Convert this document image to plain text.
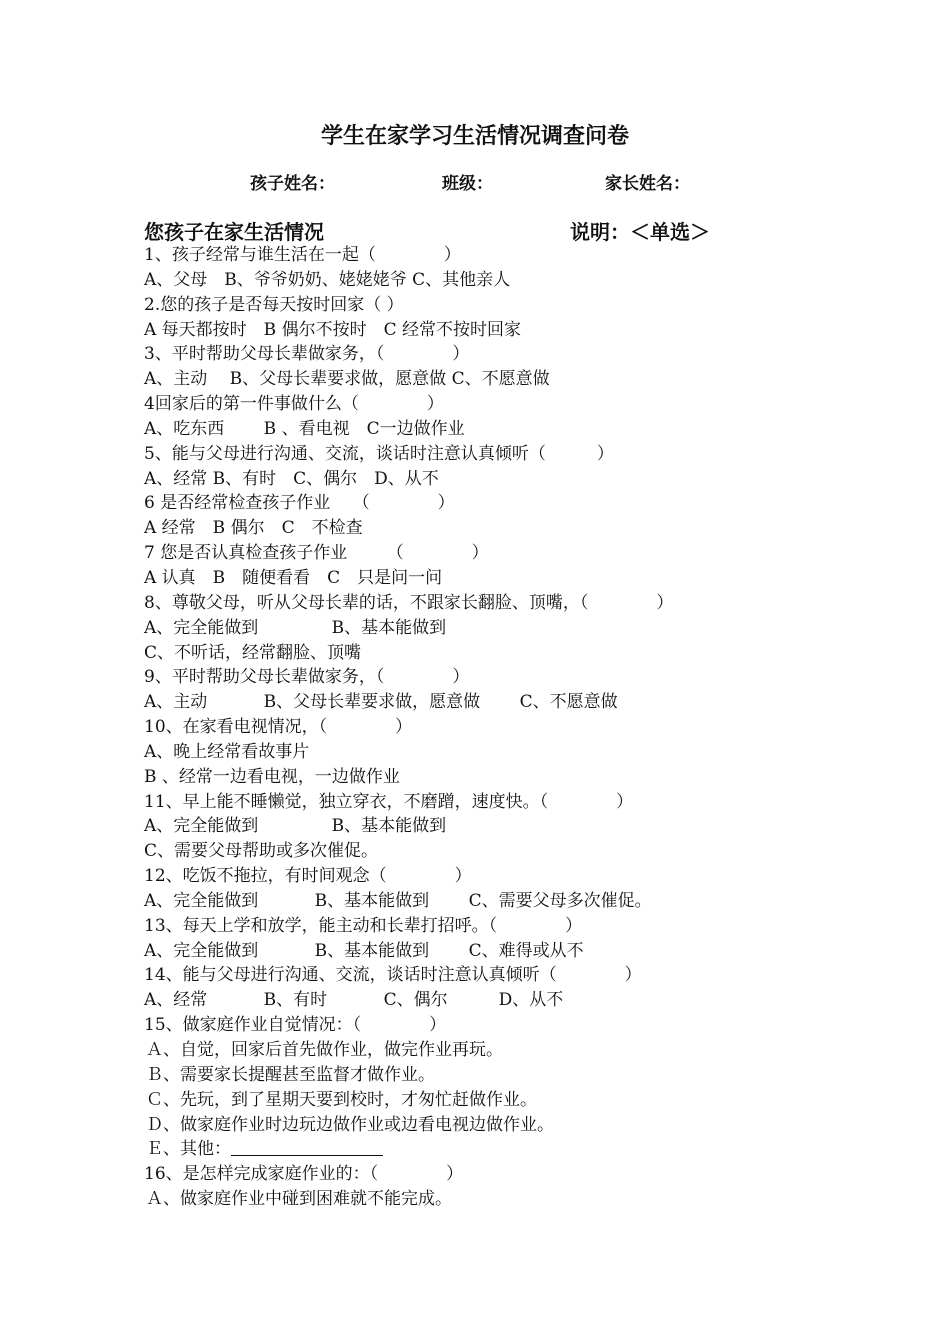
学生在家学习生活情况调查问卷
孩子姓名：	班级：	家长姓名：
您孩子在家生活情况	说明：＜单选＞
1、孩子经常与谁生活在一起（　　　　）
A、父母　B、爷爷奶奶、姥姥姥爷 C、其他亲人
2.您的孩子是否每天按时回家（ ）
A 每天都按时　B 偶尔不按时　C 经常不按时回家
3、平时帮助父母长辈做家务，（　　　　）
A、主动　 B、父母长辈要求做，愿意做 C、不愿意做
4回家后的第一件事做什么（　　　　）
A、吃东西　　 B 、看电视　C一边做作业
5、能与父母进行沟通、交流，谈话时注意认真倾听（　　　）
A、经常 B、有时　C、偶尔　D、从不
6 是否经常检查孩子作业　 （　　　　）
A 经常　B 偶尔　C　不检查
7 您是否认真检查孩子作业　　 （　　　　）
A 认真　B　随便看看　C　只是问一问
8、尊敬父母，听从父母长辈的话，不跟家长翻脸、顶嘴，（　　　　）
A、完全能做到　　　　 B、基本能做到
C、不听话，经常翻脸、顶嘴
9、平时帮助父母长辈做家务，（　　　　）
A、主动　　　 B、父母长辈要求做，愿意做　　 C、不愿意做
10、在家看电视情况，（　　　　）
A、晚上经常看故事片
B 、经常一边看电视，一边做作业
11、早上能不睡懒觉，独立穿衣，不磨蹭，速度快。（　　　　）
A、完全能做到　　　　 B、基本能做到
C、需要父母帮助或多次催促。
12、吃饭不拖拉，有时间观念（　　　　）
A、完全能做到　　　 B、基本能做到　　 C、需要父母多次催促。
13、每天上学和放学，能主动和长辈打招呼。（　　　　）
A、完全能做到　　　 B、基本能做到　　 C、难得或从不
14、能与父母进行沟通、交流，谈话时注意认真倾听（　　　　）
A、经常　　　 B、有时　　　 C、偶尔　　　D、从不
15、做家庭作业自觉情况：（　　　　）
Ａ、自觉，回家后首先做作业，做完作业再玩。
Ｂ、需要家长提醒甚至监督才做作业。
Ｃ、先玩，到了星期天要到校时，才匆忙赶做作业。
Ｄ、做家庭作业时边玩边做作业或边看电视边做作业。
Ｅ、其他：
16、是怎样完成家庭作业的：（　　　　）
Ａ、做家庭作业中碰到困难就不能完成。
